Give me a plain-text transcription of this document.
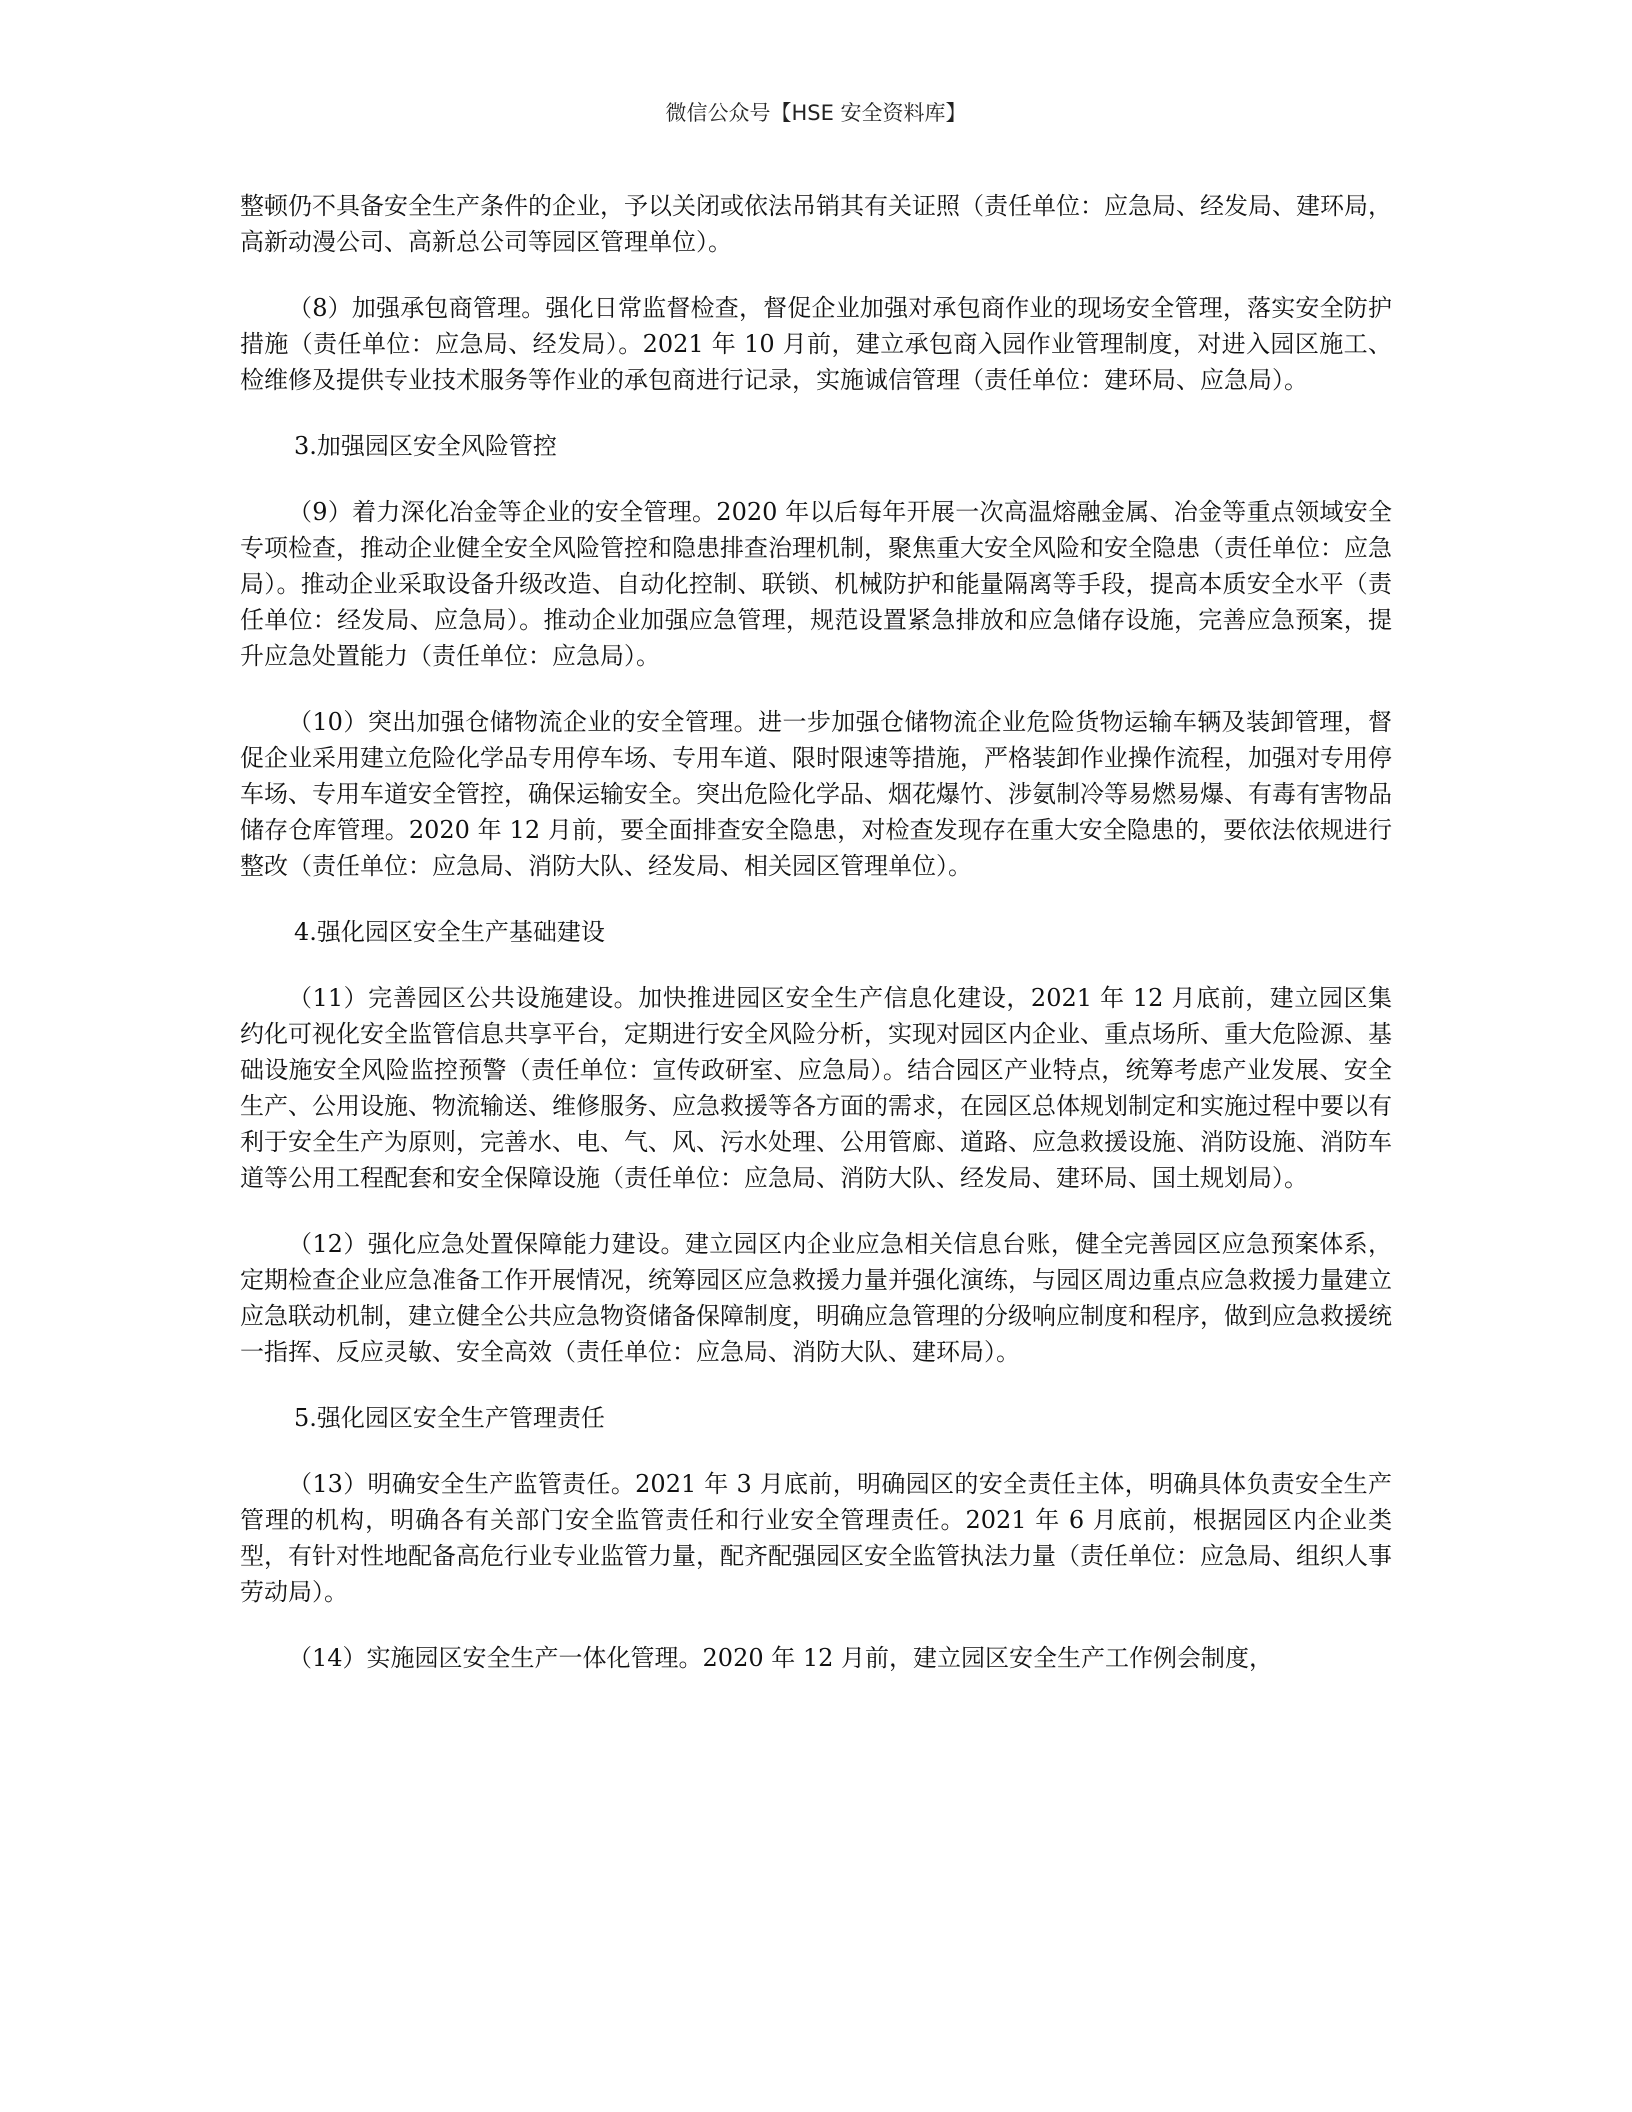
微信公众号【HSE 安全资料库】

整顿仍不具备安全生产条件的企业，予以关闭或依法吊销其有关证照（责任单位：应急局、经发局、建环局，高新动漫公司、高新总公司等园区管理单位）。

（8）加强承包商管理。强化日常监督检查，督促企业加强对承包商作业的现场安全管理，落实安全防护措施（责任单位：应急局、经发局）。2021 年 10 月前，建立承包商入园作业管理制度，对进入园区施工、检维修及提供专业技术服务等作业的承包商进行记录，实施诚信管理（责任单位：建环局、应急局）。

3.加强园区安全风险管控

（9）着力深化冶金等企业的安全管理。2020 年以后每年开展一次高温熔融金属、冶金等重点领域安全专项检查，推动企业健全安全风险管控和隐患排查治理机制，聚焦重大安全风险和安全隐患（责任单位：应急局）。推动企业采取设备升级改造、自动化控制、联锁、机械防护和能量隔离等手段，提高本质安全水平（责任单位：经发局、应急局）。推动企业加强应急管理，规范设置紧急排放和应急储存设施，完善应急预案，提升应急处置能力（责任单位：应急局）。

（10）突出加强仓储物流企业的安全管理。进一步加强仓储物流企业危险货物运输车辆及装卸管理，督促企业采用建立危险化学品专用停车场、专用车道、限时限速等措施，严格装卸作业操作流程，加强对专用停车场、专用车道安全管控，确保运输安全。突出危险化学品、烟花爆竹、涉氨制冷等易燃易爆、有毒有害物品储存仓库管理。2020 年 12 月前，要全面排查安全隐患，对检查发现存在重大安全隐患的，要依法依规进行整改（责任单位：应急局、消防大队、经发局、相关园区管理单位）。

4.强化园区安全生产基础建设

（11）完善园区公共设施建设。加快推进园区安全生产信息化建设，2021 年 12 月底前，建立园区集约化可视化安全监管信息共享平台，定期进行安全风险分析，实现对园区内企业、重点场所、重大危险源、基础设施安全风险监控预警（责任单位：宣传政研室、应急局）。结合园区产业特点，统筹考虑产业发展、安全生产、公用设施、物流输送、维修服务、应急救援等各方面的需求，在园区总体规划制定和实施过程中要以有利于安全生产为原则，完善水、电、气、风、污水处理、公用管廊、道路、应急救援设施、消防设施、消防车道等公用工程配套和安全保障设施（责任单位：应急局、消防大队、经发局、建环局、国土规划局）。

（12）强化应急处置保障能力建设。建立园区内企业应急相关信息台账，健全完善园区应急预案体系，定期检查企业应急准备工作开展情况，统筹园区应急救援力量并强化演练，与园区周边重点应急救援力量建立应急联动机制，建立健全公共应急物资储备保障制度，明确应急管理的分级响应制度和程序，做到应急救援统一指挥、反应灵敏、安全高效（责任单位：应急局、消防大队、建环局）。

5.强化园区安全生产管理责任

（13）明确安全生产监管责任。2021 年 3 月底前，明确园区的安全责任主体，明确具体负责安全生产管理的机构，明确各有关部门安全监管责任和行业安全管理责任。2021 年 6 月底前，根据园区内企业类型，有针对性地配备高危行业专业监管力量，配齐配强园区安全监管执法力量（责任单位：应急局、组织人事劳动局）。

（14）实施园区安全生产一体化管理。2020 年 12 月前，建立园区安全生产工作例会制度，
